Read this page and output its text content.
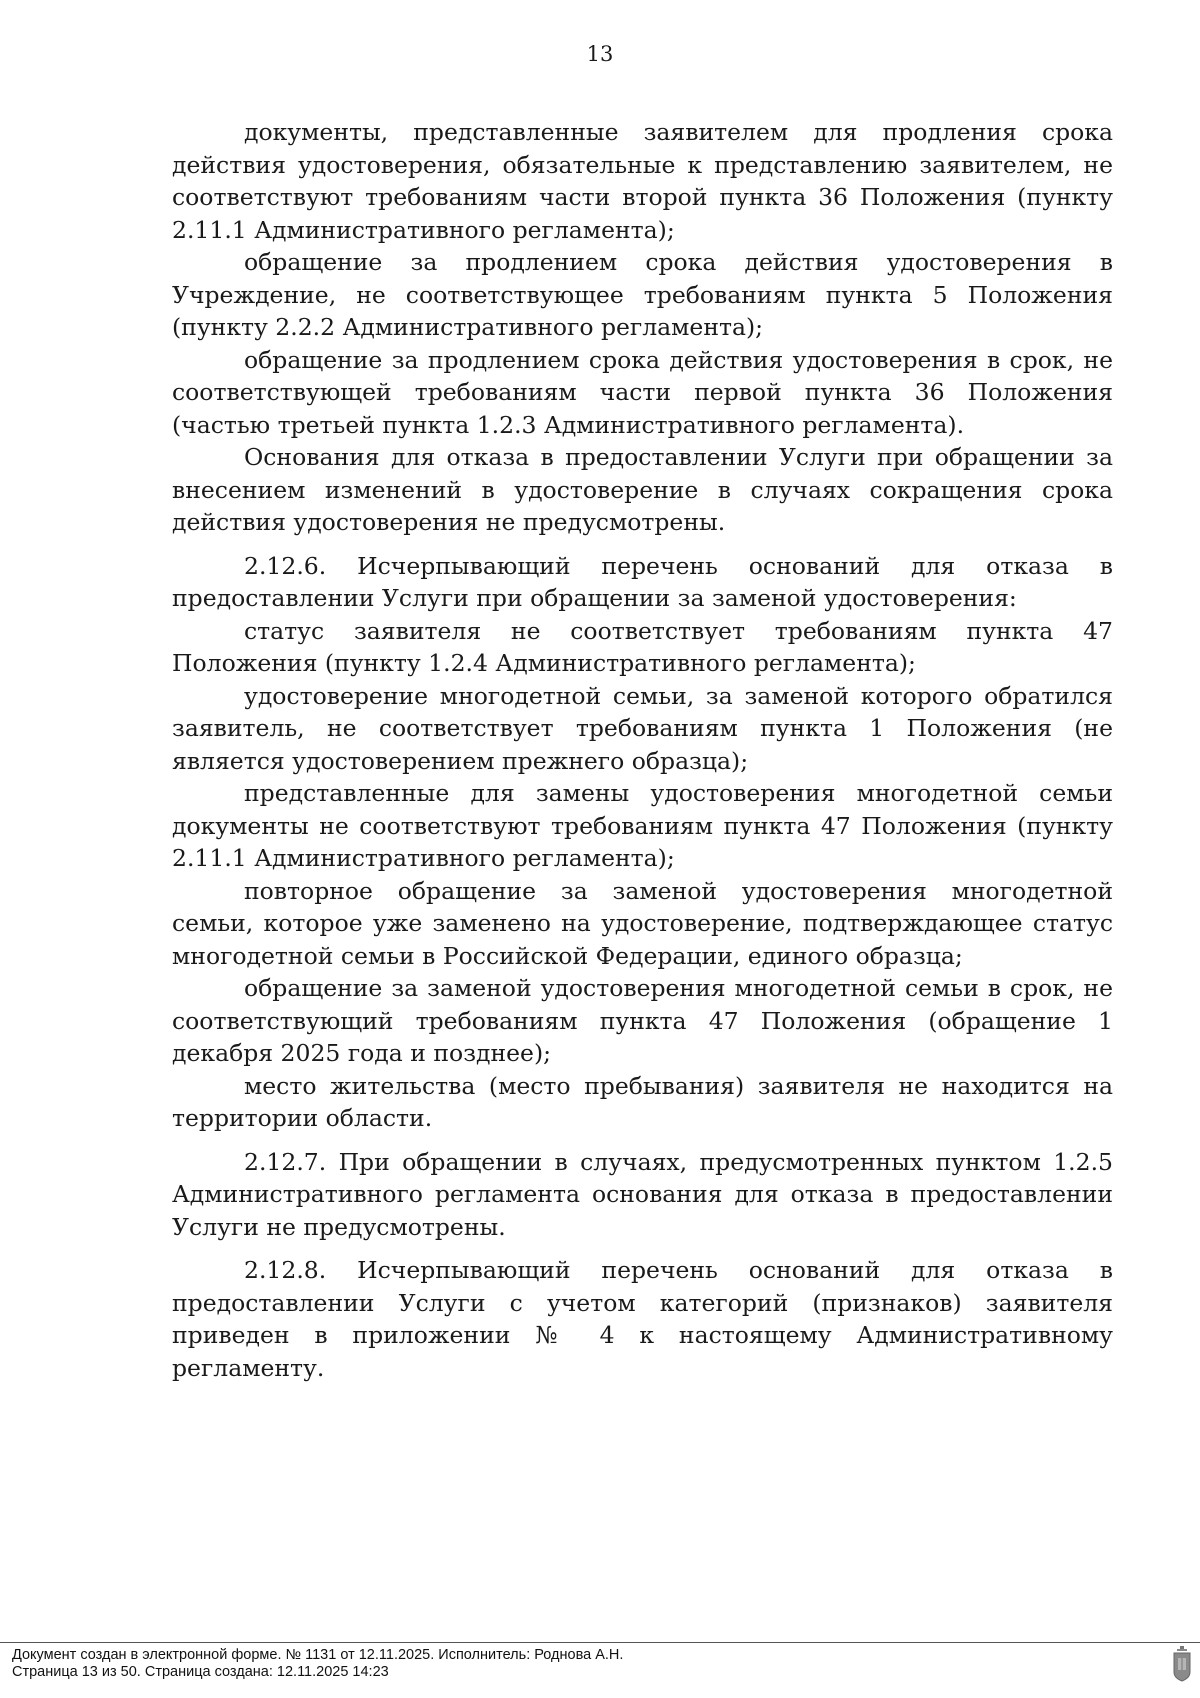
13

документы, представленные заявителем для продления срока действия удостоверения, обязательные к представлению заявителем, не соответствуют требованиям части второй пункта 36 Положения (пункту 2.11.1 Административного регламента);

обращение за продлением срока действия удостоверения в Учреждение, не соответствующее требованиям пункта 5 Положения (пункту 2.2.2 Административного регламента);

обращение за продлением срока действия удостоверения в срок, не соответствующей требованиям части первой пункта 36 Положения (частью третьей пункта 1.2.3 Административного регламента).

Основания для отказа в предоставлении Услуги при обращении за внесением изменений в удостоверение в случаях сокращения срока действия удостоверения не предусмотрены.

2.12.6. Исчерпывающий перечень оснований для отказа в предоставлении Услуги при обращении за заменой удостоверения:

статус заявителя не соответствует требованиям пункта 47 Положения (пункту 1.2.4 Административного регламента);

удостоверение многодетной семьи, за заменой которого обратился заявитель, не соответствует требованиям пункта 1 Положения (не является удостоверением прежнего образца);

представленные для замены удостоверения многодетной семьи документы не соответствуют требованиям пункта 47 Положения (пункту 2.11.1 Административного регламента);

повторное обращение за заменой удостоверения многодетной семьи, которое уже заменено на удостоверение, подтверждающее статус многодетной семьи в Российской Федерации, единого образца;

обращение за заменой удостоверения многодетной семьи в срок, не соответствующий требованиям пункта 47 Положения (обращение 1 декабря 2025 года и позднее);

место жительства (место пребывания) заявителя не находится на территории области.

2.12.7. При обращении в случаях, предусмотренных пунктом 1.2.5 Административного регламента основания для отказа в предоставлении Услуги не предусмотрены.

2.12.8. Исчерпывающий перечень оснований для отказа в предоставлении Услуги с учетом категорий (признаков) заявителя приведен в приложении № 4 к настоящему Административному регламенту.

Документ создан в электронной форме. № 1131 от 12.11.2025. Исполнитель: Роднова А.Н.
Страница 13 из 50. Страница создана: 12.11.2025 14:23
